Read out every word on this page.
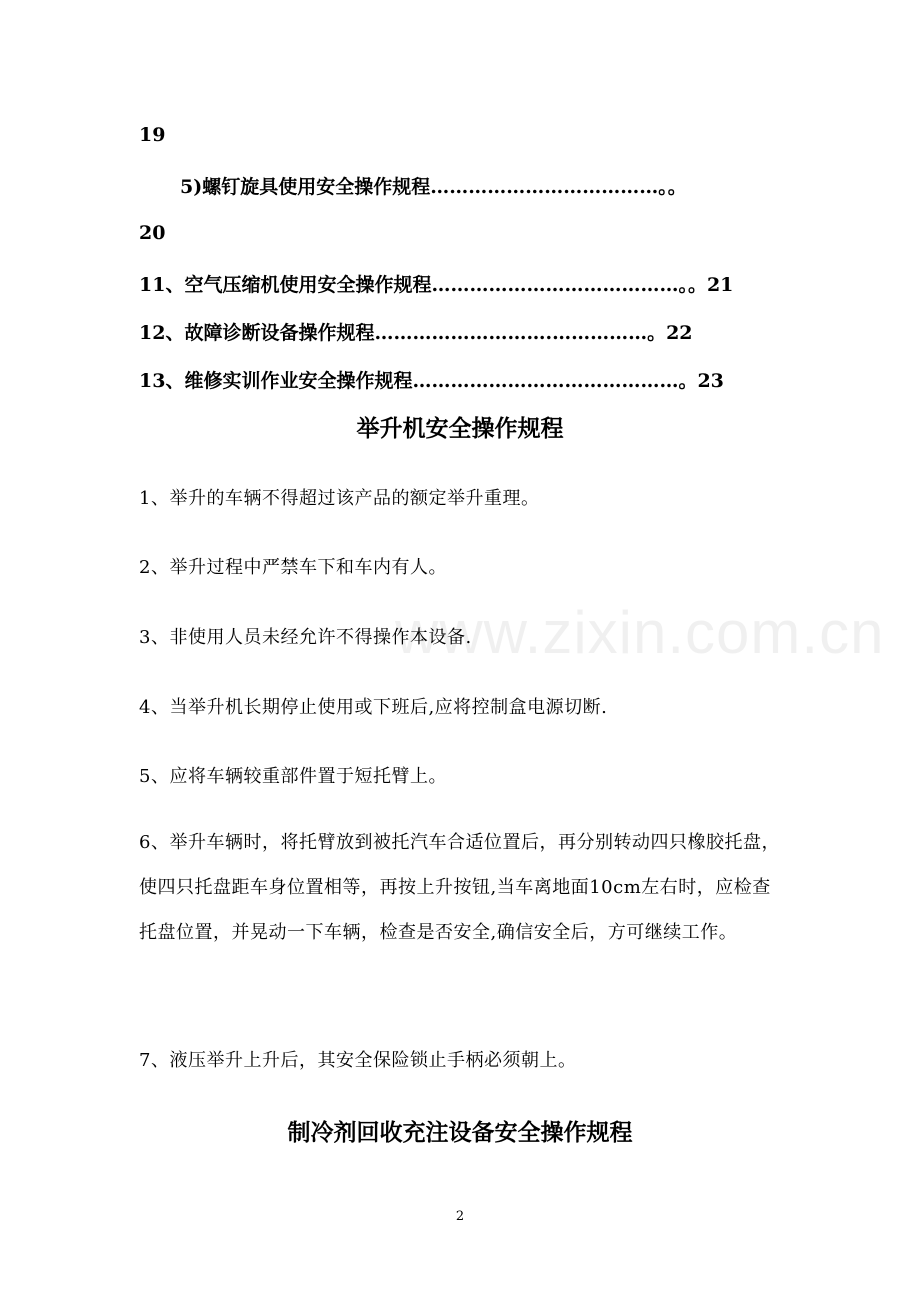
19
5)螺钉旋具使用安全操作规程………………………………。。
20
11、空气压缩机使用安全操作规程…………………………………。。21
12、故障诊断设备操作规程……………………….……………。22
13、维修实训作业安全操作规程……………………………………。23
举升机安全操作规程
1、举升的车辆不得超过该产品的额定举升重理。
2、举升过程中严禁车下和车内有人。
3、非使用人员未经允许不得操作本设备.
4、当举升机长期停止使用或下班后,应将控制盒电源切断.
5、应将车辆较重部件置于短托臂上。
6、举升车辆时，将托臂放到被托汽车合适位置后，再分别转动四只橡胶托盘，使四只托盘距车身位置相等，再按上升按钮,当车离地面10cm左右时，应检查托盘位置，并晃动一下车辆，检查是否安全,确信安全后，方可继续工作。
7、液压举升上升后，其安全保险锁止手柄必须朝上。
制冷剂回收充注设备安全操作规程
www.zixin.com.cn
2
